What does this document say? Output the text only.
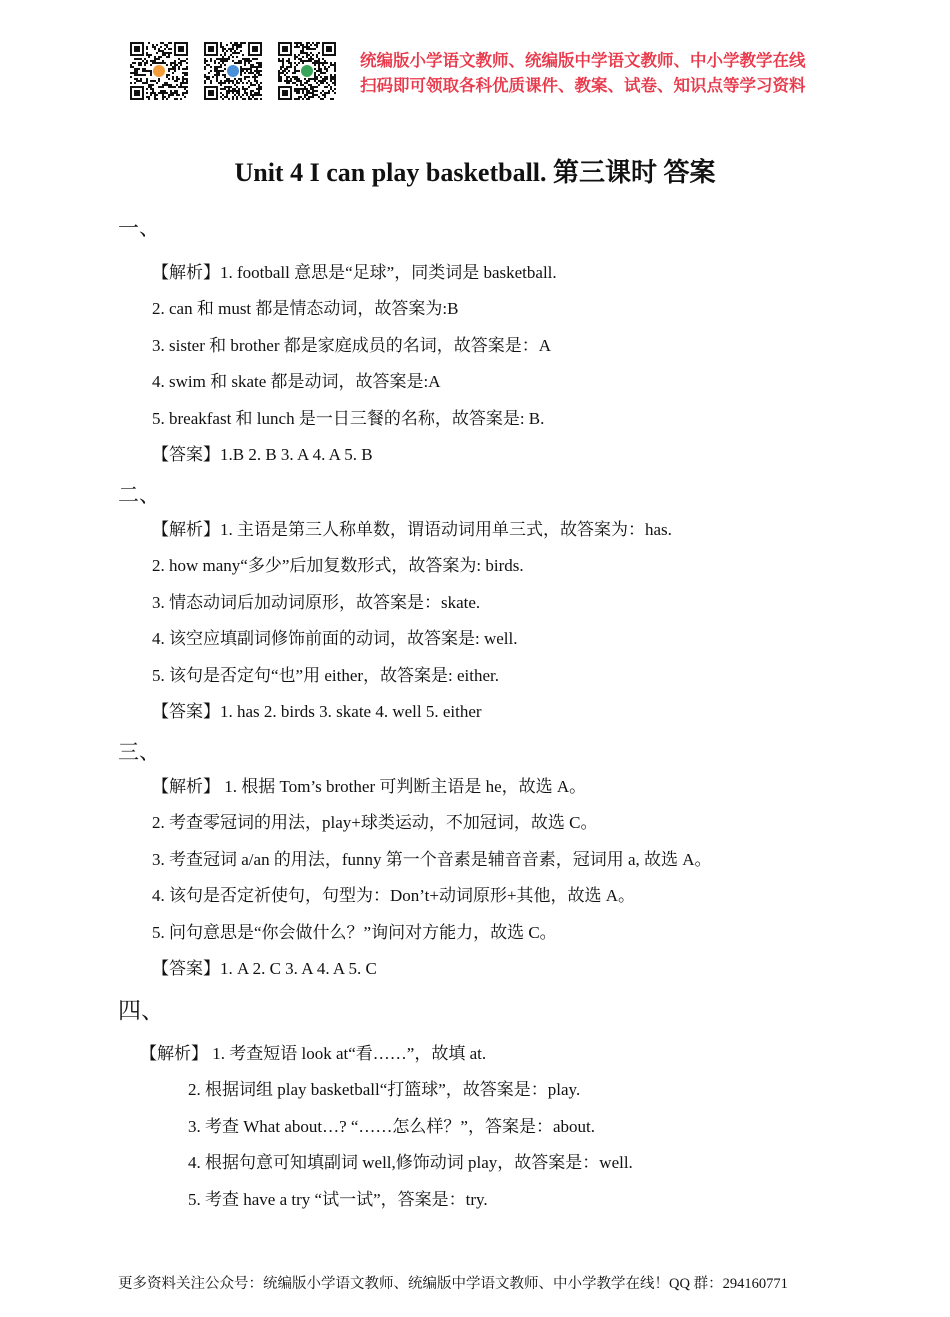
统编版小学语文教师、统编版中学语文教师、中小学教学在线
扫码即可领取各科优质课件、教案、试卷、知识点等学习资料
Unit 4 I can play basketball. 第三课时 答案
一、
【解析】1. football 意思是“足球”，同类词是 basketball.
2. can 和 must 都是情态动词，故答案为:B
3. sister 和 brother 都是家庭成员的名词，故答案是：A
4. swim 和 skate 都是动词，故答案是:A
5. breakfast 和 lunch 是一日三餐的名称，故答案是: B.
【答案】1.B 2. B 3. A 4. A 5. B
二、
【解析】1. 主语是第三人称单数，谓语动词用单三式，故答案为：has.
2. how many“多少”后加复数形式，故答案为: birds.
3. 情态动词后加动词原形，故答案是：skate.
4. 该空应填副词修饰前面的动词，故答案是: well.
5. 该句是否定句“也”用 either，故答案是: either.
【答案】1. has 2. birds 3. skate 4. well 5. either
三、
【解析】 1. 根据 Tom’s brother 可判断主语是 he，故选 A。
2. 考查零冠词的用法，play+球类运动，不加冠词，故选 C。
3. 考查冠词 a/an 的用法，funny 第一个音素是辅音音素，冠词用 a, 故选 A。
4. 该句是否定祈使句，句型为：Don’t+动词原形+其他，故选 A。
5. 问句意思是“你会做什么？”询问对方能力，故选 C。
【答案】1. A 2. C 3. A 4. A 5. C
四、
【解析】 1. 考查短语 look at“看……”，故填 at.
2. 根据词组 play basketball“打篮球”，故答案是：play.
3. 考查 What about…? “……怎么样？”，答案是：about.
4. 根据句意可知填副词 well,修饰动词 play，故答案是：well.
5. 考查 have a try “试一试”，答案是：try.
更多资料关注公众号：统编版小学语文教师、统编版中学语文教师、中小学教学在线！QQ 群：294160771
